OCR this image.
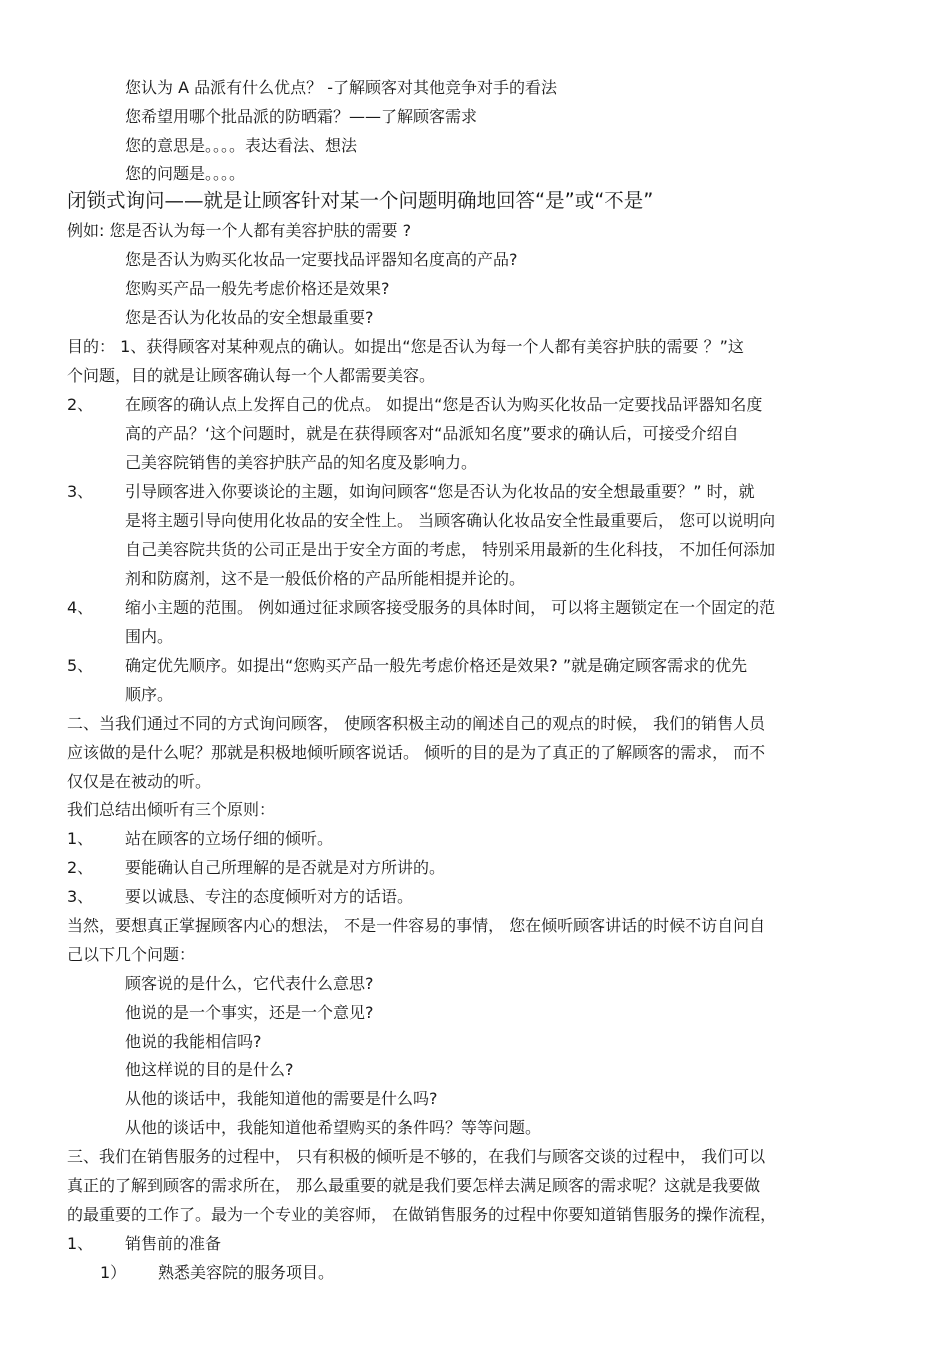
您认为 A 品派有什么优点？ -了解顾客对其他竞争对手的看法
您希望用哪个批品派的防晒霜？——了解顾客需求
您的意思是。。。。表达看法、想法
您的问题是。。。。
闭锁式询问——就是让顾客针对某一个问题明确地回答“是”或“不是”
例如: 您是否认为每一个人都有美容护肤的需要 ?
您是否认为购买化妆品一定要找品评器知名度高的产品?
您购买产品一般先考虑价格还是效果?
您是否认为化妆品的安全想最重要?
目的： 1、获得顾客对某种观点的确认。如提出“您是否认为每一个人都有美容护肤的需要 ？”这
个问题，目的就是让顾客确认每一个人都需要美容。
2、 在顾客的确认点上发挥自己的优点。 如提出“您是否认为购买化妆品一定要找品评器知名度
高的产品？‘这个问题时，就是在获得顾客对“品派知名度”要求的确认后，可接受介绍自
己美容院销售的美容护肤产品的知名度及影响力。
3、 引导顾客进入你要谈论的主题，如询问顾客“您是否认为化妆品的安全想最重要？” 时，就
是将主题引导向使用化妆品的安全性上。 当顾客确认化妆品安全性最重要后， 您可以说明向
自己美容院共货的公司正是出于安全方面的考虑， 特别采用最新的生化科技， 不加任何添加
剂和防腐剂，这不是一般低价格的产品所能相提并论的。
4、 缩小主题的范围。 例如通过征求顾客接受服务的具体时间， 可以将主题锁定在一个固定的范
围内。
5、 确定优先顺序。如提出“您购买产品一般先考虑价格还是效果? ”就是确定顾客需求的优先
顺序。
二、当我们通过不同的方式询问顾客， 使顾客积极主动的阐述自己的观点的时候， 我们的销售人员
应该做的是什么呢？那就是积极地倾听顾客说话。 倾听的目的是为了真正的了解顾客的需求， 而不
仅仅是在被动的听。
我们总结出倾听有三个原则：
1、 站在顾客的立场仔细的倾听。
2、 要能确认自己所理解的是否就是对方所讲的。
3、 要以诚恳、专注的态度倾听对方的话语。
当然，要想真正掌握顾客内心的想法， 不是一件容易的事情， 您在倾听顾客讲话的时候不访自问自
己以下几个问题：
顾客说的是什么，它代表什么意思?
他说的是一个事实，还是一个意见?
他说的我能相信吗?
他这样说的目的是什么?
从他的谈话中，我能知道他的需要是什么吗?
从他的谈话中，我能知道他希望购买的条件吗？等等问题。
三、我们在销售服务的过程中， 只有积极的倾听是不够的，在我们与顾客交谈的过程中， 我们可以
真正的了解到顾客的需求所在， 那么最重要的就是我们要怎样去满足顾客的需求呢？这就是我要做
的最重要的工作了。最为一个专业的美容师， 在做销售服务的过程中你要知道销售服务的操作流程，
1、 销售前的准备
1） 熟悉美容院的服务项目。
